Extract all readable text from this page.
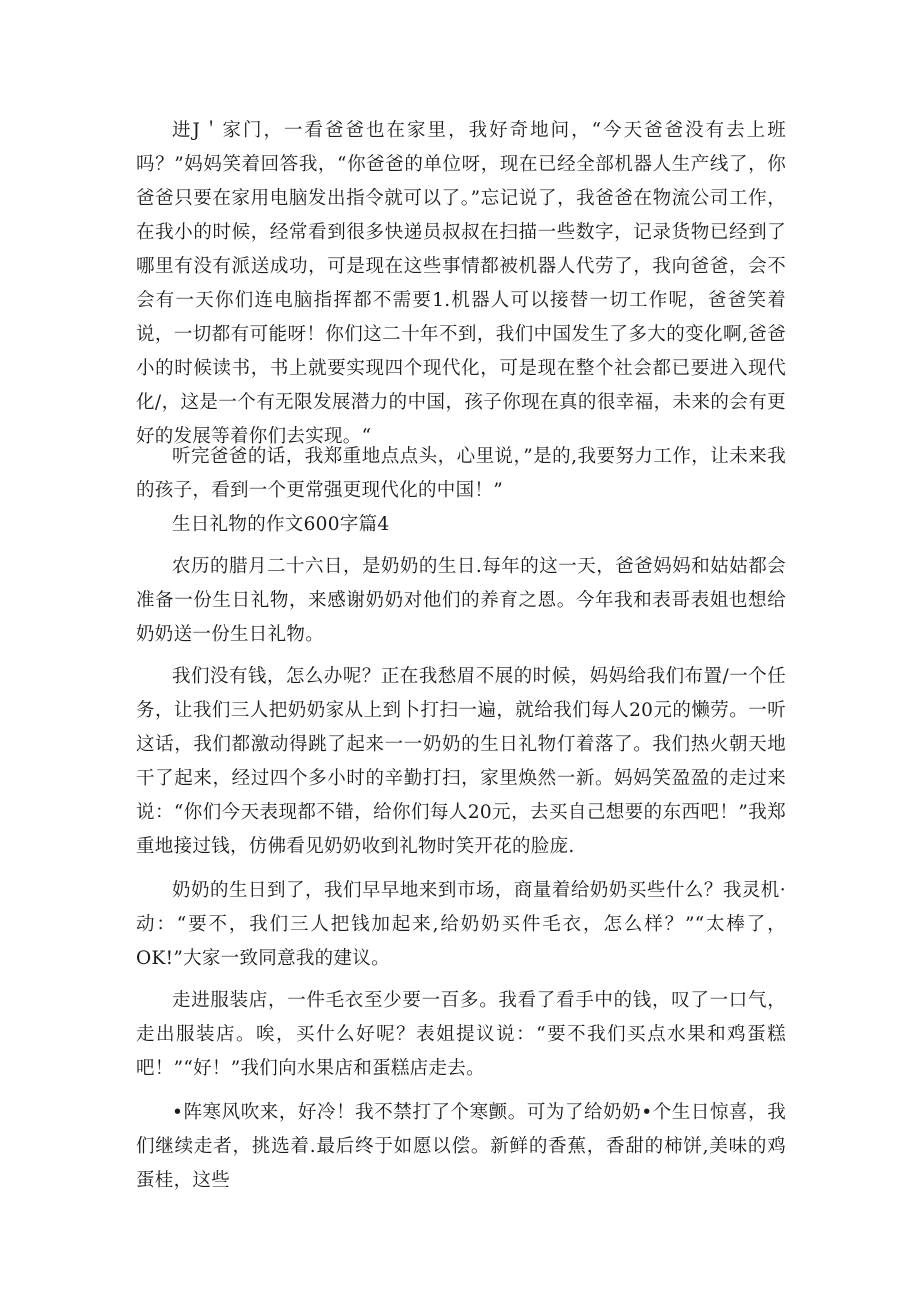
进J＇家门，一看爸爸也在家里，我好奇地问，“今天爸爸没有去上班吗？”妈妈笑着回答我，“你爸爸的单位呀，现在已经全部机器人生产线了，你爸爸只要在家用电脑发出指令就可以了。”忘记说了，我爸爸在物流公司工作，在我小的时候，经常看到很多快递员叔叔在扫描一些数字，记录货物已经到了哪里有没有派送成功，可是现在这些事情都被机器人代劳了，我向爸爸，会不会有一天你们连电脑指挥都不需要1.机器人可以接替一切工作呢，爸爸笑着说，一切都有可能呀！你们这二十年不到，我们中国发生了多大的变化啊,爸爸小的时候读书，书上就要实现四个现代化，可是现在整个社会都已要进入现代化/，这是一个有无限发展潜力的中国，孩子你现在真的很幸福，未来的会有更好的发展等着你们去实现。“

听完爸爸的话，我郑重地点点头，心里说，”是的,我要努力工作，让未来我的孩子，看到一个更常强更现代化的中国！”

生日礼物的作文600字篇4

农历的腊月二十六日，是奶奶的生日.每年的这一天，爸爸妈妈和姑姑都会准备一份生日礼物，来感谢奶奶对他们的养育之恩。今年我和表哥表姐也想给奶奶送一份生日礼物。

我们没有钱，怎么办呢？正在我愁眉不展的时候，妈妈给我们布置/一个任务，让我们三人把奶奶家从上到卜打扫一遍，就给我们每人20元的懒劳。一听这话，我们都激动得跳了起来一一奶奶的生日礼物仃着落了。我们热火朝天地干了起来，经过四个多小时的辛勤打扫，家里焕然一新。妈妈笑盈盈的走过来说：“你们今天表现都不错，给你们每人20元，去买自己想要的东西吧！”我郑重地接过钱，仿佛看见奶奶收到礼物时笑开花的脸庞.

奶奶的生日到了，我们早早地来到市场，商量着给奶奶买些什么？我灵机·动：“要不，我们三人把钱加起来,给奶奶买件毛衣，怎么样？”“太棒了，OK!”大家一致同意我的建议。

走进服装店，一件毛衣至少要一百多。我看了看手中的钱，叹了一口气，走出服装店。唉，买什么好呢？表姐提议说：“要不我们买点水果和鸡蛋糕吧！”“好！”我们向水果店和蛋糕店走去。

•阵寒风吹来，好冷！我不禁打了个寒颤。可为了给奶奶•个生日惊喜，我们继续走者，挑选着.最后终于如愿以偿。新鲜的香蕉，香甜的柿饼,美味的鸡蛋桂，这些
